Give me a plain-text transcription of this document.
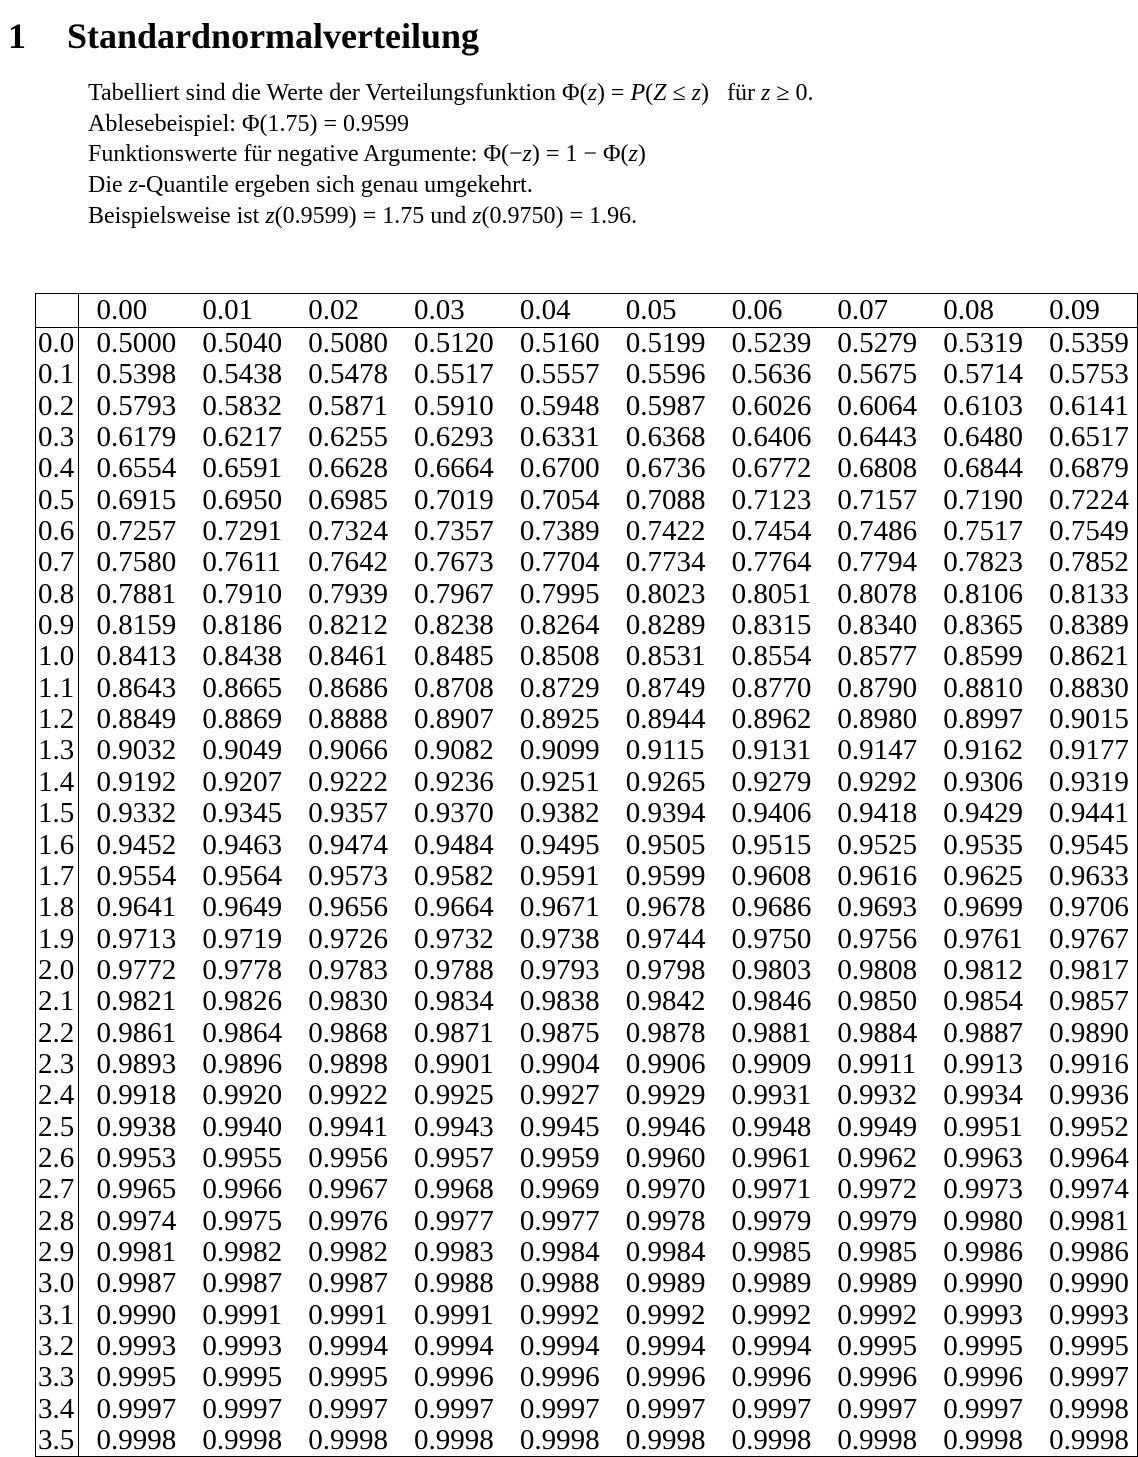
1	Standardnormalverteilung
Tabelliert sind die Werte der Verteilungsfunktion Φ(z) = P(Z ≤ z)   für z ≥ 0.
Ablesebeispiel: Φ(1.75) = 0.9599
Funktionswerte für negative Argumente: Φ(−z) = 1 − Φ(z)
Die z-Quantile ergeben sich genau umgekehrt.
Beispielsweise ist z(0.9599) = 1.75 und z(0.9750) = 1.96.
	0.00	0.01	0.02	0.03	0.04	0.05	0.06	0.07	0.08	0.09
0.0	0.5000	0.5040	0.5080	0.5120	0.5160	0.5199	0.5239	0.5279	0.5319	0.5359
0.1	0.5398	0.5438	0.5478	0.5517	0.5557	0.5596	0.5636	0.5675	0.5714	0.5753
0.2	0.5793	0.5832	0.5871	0.5910	0.5948	0.5987	0.6026	0.6064	0.6103	0.6141
0.3	0.6179	0.6217	0.6255	0.6293	0.6331	0.6368	0.6406	0.6443	0.6480	0.6517
0.4	0.6554	0.6591	0.6628	0.6664	0.6700	0.6736	0.6772	0.6808	0.6844	0.6879
0.5	0.6915	0.6950	0.6985	0.7019	0.7054	0.7088	0.7123	0.7157	0.7190	0.7224
0.6	0.7257	0.7291	0.7324	0.7357	0.7389	0.7422	0.7454	0.7486	0.7517	0.7549
0.7	0.7580	0.7611	0.7642	0.7673	0.7704	0.7734	0.7764	0.7794	0.7823	0.7852
0.8	0.7881	0.7910	0.7939	0.7967	0.7995	0.8023	0.8051	0.8078	0.8106	0.8133
0.9	0.8159	0.8186	0.8212	0.8238	0.8264	0.8289	0.8315	0.8340	0.8365	0.8389
1.0	0.8413	0.8438	0.8461	0.8485	0.8508	0.8531	0.8554	0.8577	0.8599	0.8621
1.1	0.8643	0.8665	0.8686	0.8708	0.8729	0.8749	0.8770	0.8790	0.8810	0.8830
1.2	0.8849	0.8869	0.8888	0.8907	0.8925	0.8944	0.8962	0.8980	0.8997	0.9015
1.3	0.9032	0.9049	0.9066	0.9082	0.9099	0.9115	0.9131	0.9147	0.9162	0.9177
1.4	0.9192	0.9207	0.9222	0.9236	0.9251	0.9265	0.9279	0.9292	0.9306	0.9319
1.5	0.9332	0.9345	0.9357	0.9370	0.9382	0.9394	0.9406	0.9418	0.9429	0.9441
1.6	0.9452	0.9463	0.9474	0.9484	0.9495	0.9505	0.9515	0.9525	0.9535	0.9545
1.7	0.9554	0.9564	0.9573	0.9582	0.9591	0.9599	0.9608	0.9616	0.9625	0.9633
1.8	0.9641	0.9649	0.9656	0.9664	0.9671	0.9678	0.9686	0.9693	0.9699	0.9706
1.9	0.9713	0.9719	0.9726	0.9732	0.9738	0.9744	0.9750	0.9756	0.9761	0.9767
2.0	0.9772	0.9778	0.9783	0.9788	0.9793	0.9798	0.9803	0.9808	0.9812	0.9817
2.1	0.9821	0.9826	0.9830	0.9834	0.9838	0.9842	0.9846	0.9850	0.9854	0.9857
2.2	0.9861	0.9864	0.9868	0.9871	0.9875	0.9878	0.9881	0.9884	0.9887	0.9890
2.3	0.9893	0.9896	0.9898	0.9901	0.9904	0.9906	0.9909	0.9911	0.9913	0.9916
2.4	0.9918	0.9920	0.9922	0.9925	0.9927	0.9929	0.9931	0.9932	0.9934	0.9936
2.5	0.9938	0.9940	0.9941	0.9943	0.9945	0.9946	0.9948	0.9949	0.9951	0.9952
2.6	0.9953	0.9955	0.9956	0.9957	0.9959	0.9960	0.9961	0.9962	0.9963	0.9964
2.7	0.9965	0.9966	0.9967	0.9968	0.9969	0.9970	0.9971	0.9972	0.9973	0.9974
2.8	0.9974	0.9975	0.9976	0.9977	0.9977	0.9978	0.9979	0.9979	0.9980	0.9981
2.9	0.9981	0.9982	0.9982	0.9983	0.9984	0.9984	0.9985	0.9985	0.9986	0.9986
3.0	0.9987	0.9987	0.9987	0.9988	0.9988	0.9989	0.9989	0.9989	0.9990	0.9990
3.1	0.9990	0.9991	0.9991	0.9991	0.9992	0.9992	0.9992	0.9992	0.9993	0.9993
3.2	0.9993	0.9993	0.9994	0.9994	0.9994	0.9994	0.9994	0.9995	0.9995	0.9995
3.3	0.9995	0.9995	0.9995	0.9996	0.9996	0.9996	0.9996	0.9996	0.9996	0.9997
3.4	0.9997	0.9997	0.9997	0.9997	0.9997	0.9997	0.9997	0.9997	0.9997	0.9998
3.5	0.9998	0.9998	0.9998	0.9998	0.9998	0.9998	0.9998	0.9998	0.9998	0.9998
